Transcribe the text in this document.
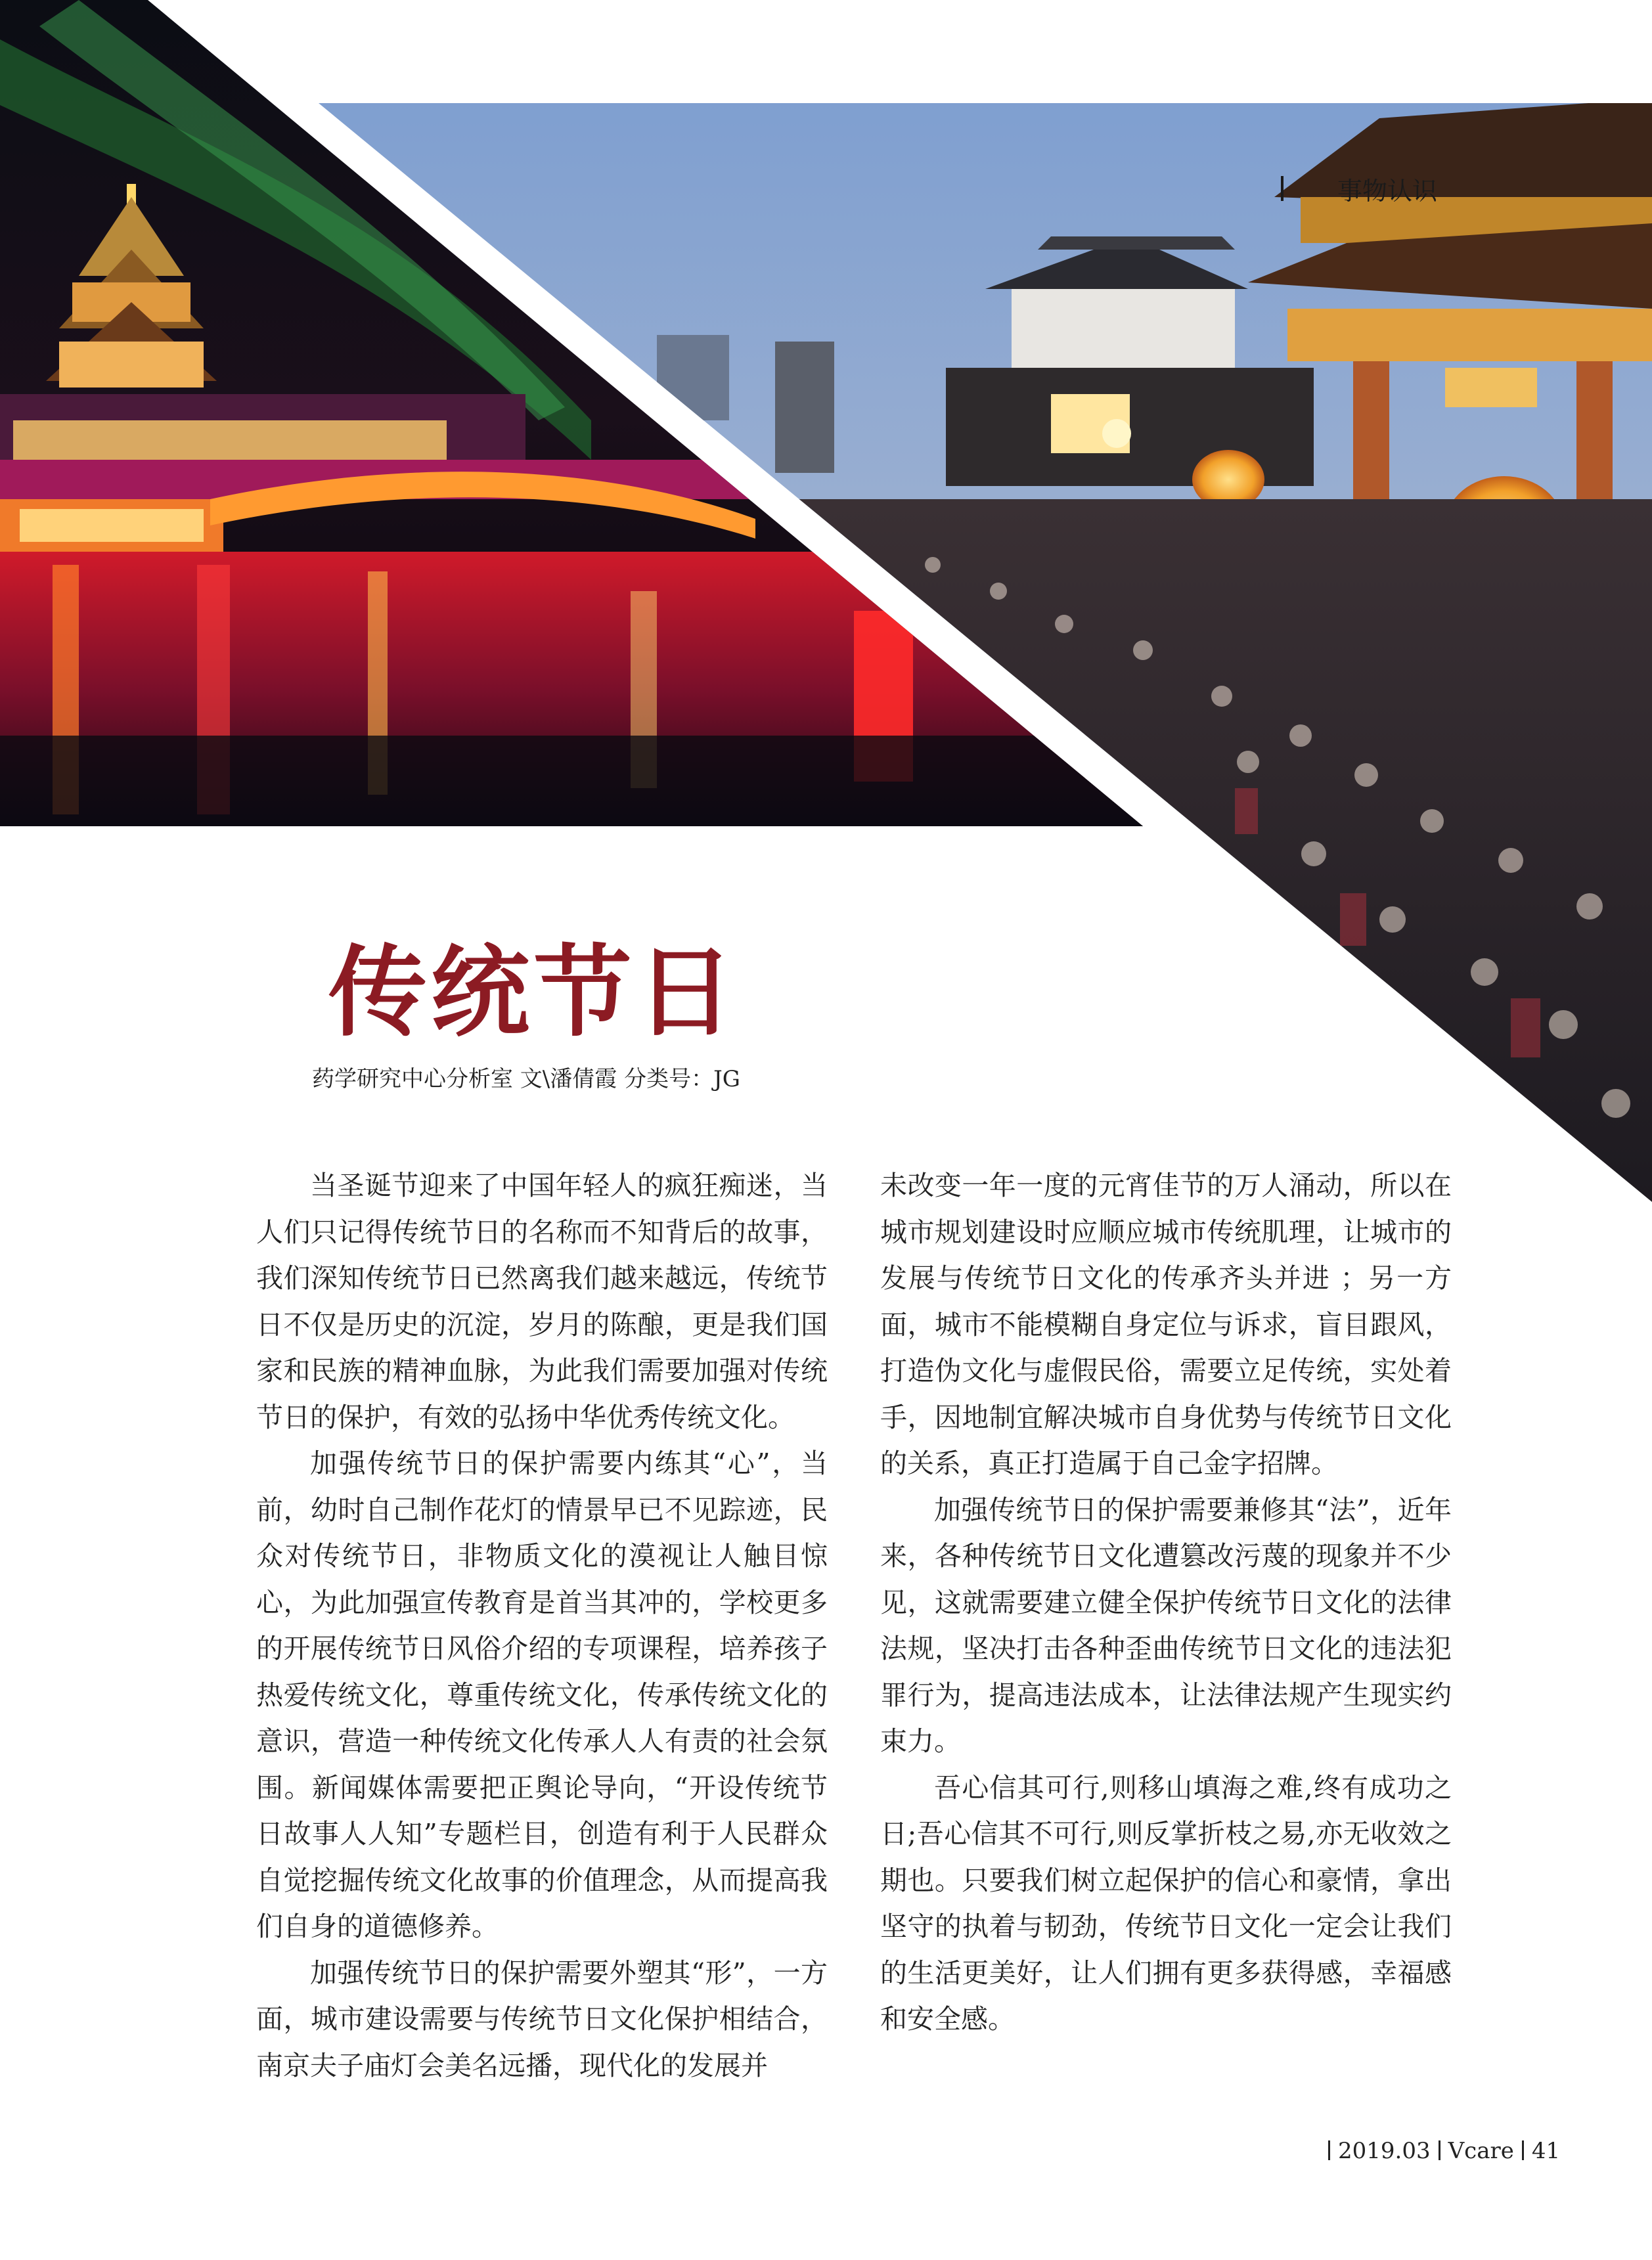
事物认识
传统节日
药学研究中心分析室 文\潘倩霞 分类号：JG

当圣诞节迎来了中国年轻人的疯狂痴迷，当人们只记得传统节日的名称而不知背后的故事，我们深知传统节日已然离我们越来越远，传统节日不仅是历史的沉淀，岁月的陈酿，更是我们国家和民族的精神血脉，为此我们需要加强对传统节日的保护，有效的弘扬中华优秀传统文化。

加强传统节日的保护需要内练其“心”，当前，幼时自己制作花灯的情景早已不见踪迹，民众对传统节日，非物质文化的漠视让人触目惊心，为此加强宣传教育是首当其冲的，学校更多的开展传统节日风俗介绍的专项课程，培养孩子热爱传统文化，尊重传统文化，传承传统文化的意识，营造一种传统文化传承人人有责的社会氛围。新闻媒体需要把正舆论导向，“开设传统节日故事人人知”专题栏目，创造有利于人民群众自觉挖掘传统文化故事的价值理念，从而提高我们自身的道德修养。

加强传统节日的保护需要外塑其“形”，一方面，城市建设需要与传统节日文化保护相结合，南京夫子庙灯会美名远播，现代化的发展并

未改变一年一度的元宵佳节的万人涌动，所以在城市规划建设时应顺应城市传统肌理，让城市的发展与传统节日文化的传承齐头并进 ；另一方面，城市不能模糊自身定位与诉求，盲目跟风，打造伪文化与虚假民俗，需要立足传统，实处着手，因地制宜解决城市自身优势与传统节日文化的关系，真正打造属于自己金字招牌。

加强传统节日的保护需要兼修其“法”，近年来，各种传统节日文化遭篡改污蔑的现象并不少见，这就需要建立健全保护传统节日文化的法律法规，坚决打击各种歪曲传统节日文化的违法犯罪行为，提高违法成本，让法律法规产生现实约束力。

吾心信其可行,则移山填海之难,终有成功之日;吾心信其不可行,则反掌折枝之易,亦无收效之期也。只要我们树立起保护的信心和豪情，拿出坚守的执着与韧劲，传统节日文化一定会让我们的生活更美好，让人们拥有更多获得感，幸福感和安全感。

2019.03 Vcare 41
